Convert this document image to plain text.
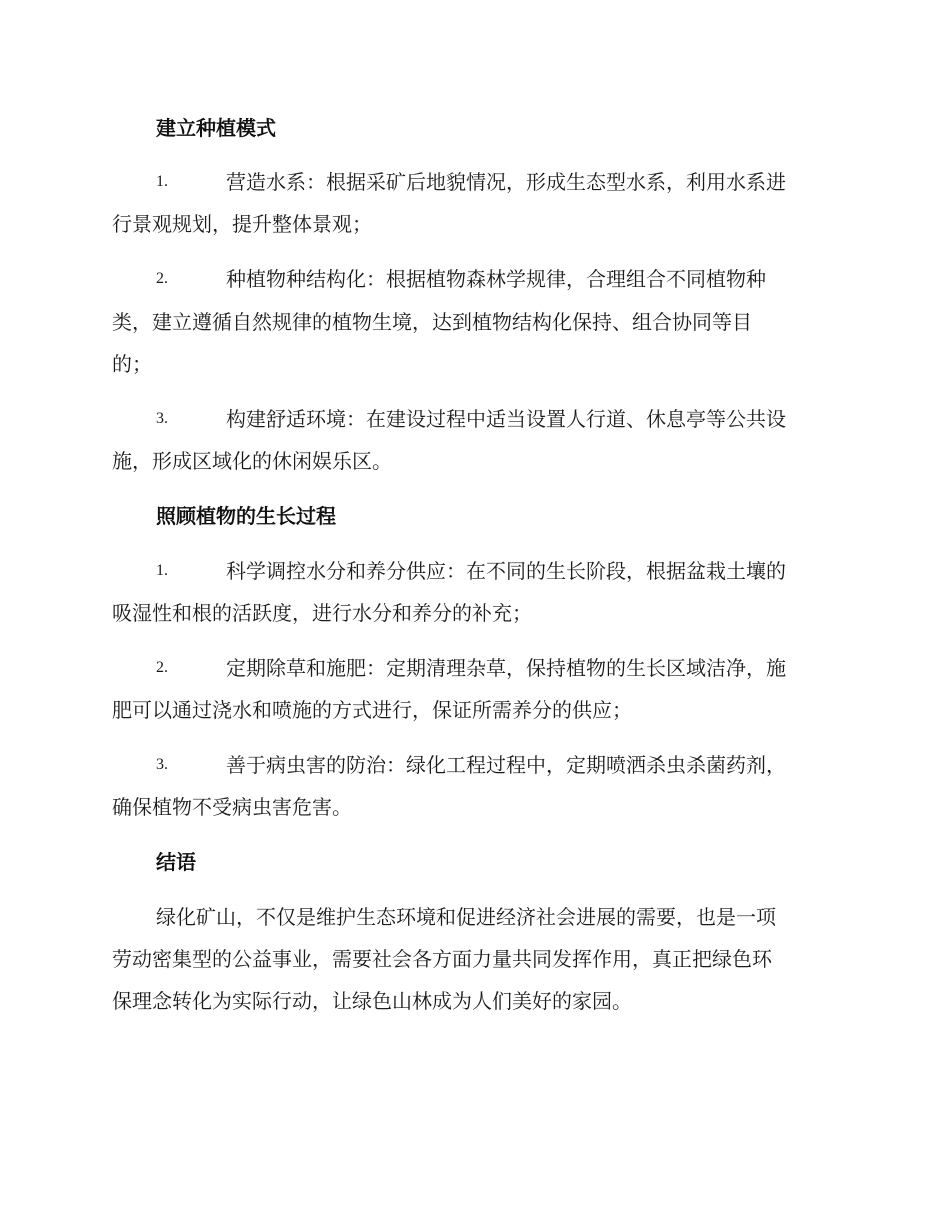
建立种植模式
1.	营造水系：根据采矿后地貌情况，形成生态型水系，利用水系进
行景观规划，提升整体景观；
2.	种植物种结构化：根据植物森林学规律，合理组合不同植物种
类，建立遵循自然规律的植物生境，达到植物结构化保持、组合协同等目
的；
3.	构建舒适环境：在建设过程中适当设置人行道、休息亭等公共设
施，形成区域化的休闲娱乐区。
照顾植物的生长过程
1.	科学调控水分和养分供应：在不同的生长阶段，根据盆栽土壤的
吸湿性和根的活跃度，进行水分和养分的补充；
2.	定期除草和施肥：定期清理杂草，保持植物的生长区域洁净，施
肥可以通过浇水和喷施的方式进行，保证所需养分的供应；
3.	善于病虫害的防治：绿化工程过程中，定期喷洒杀虫杀菌药剂，
确保植物不受病虫害危害。
结语
绿化矿山，不仅是维护生态环境和促进经济社会进展的需要，也是一项
劳动密集型的公益事业，需要社会各方面力量共同发挥作用，真正把绿色环
保理念转化为实际行动，让绿色山林成为人们美好的家园。
